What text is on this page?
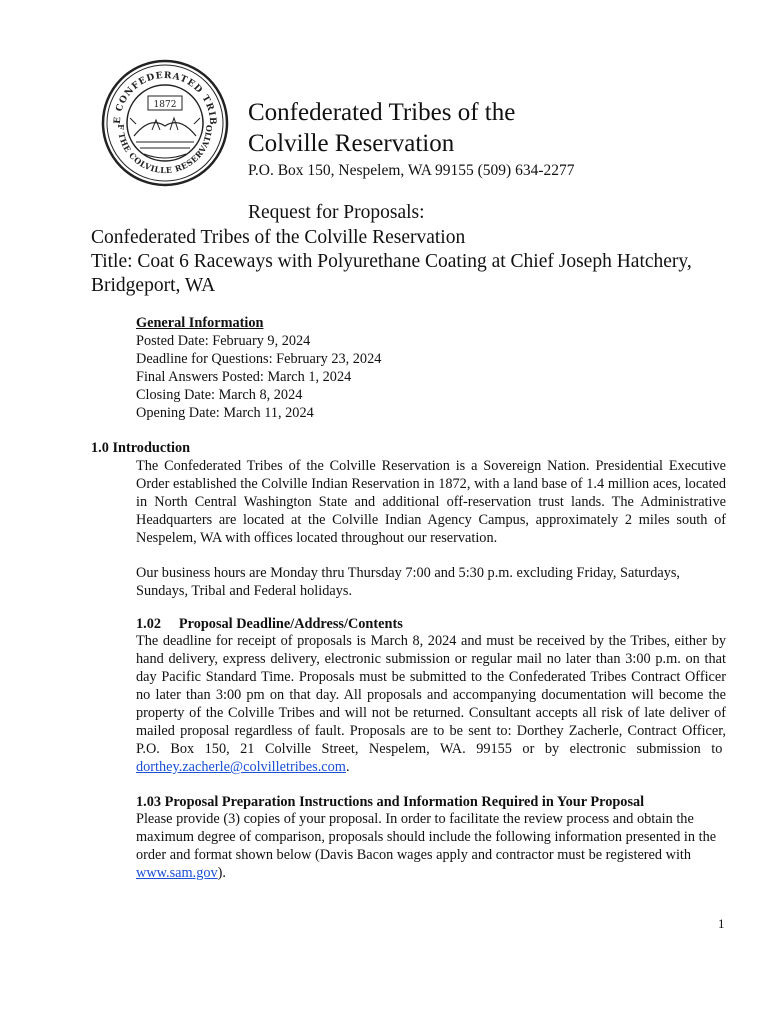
E CONFEDERATED TRIB
F THE COLVILLE RESERVATIO
1872	Confederated Tribes of the
Colville Reservation
P.O. Box 150, Nespelem, WA 99155 (509) 634-2277
Request for Proposals:
Confederated Tribes of the Colville Reservation
Title: Coat 6 Raceways with Polyurethane Coating at Chief Joseph Hatchery,
Bridgeport, WA
General Information
Posted Date: February 9, 2024
Deadline for Questions: February 23, 2024
Final Answers Posted: March 1, 2024
Closing Date: March 8, 2024
Opening Date: March 11, 2024
1.0 Introduction
The Confederated Tribes of the Colville Reservation is a Sovereign Nation. Presidential Executive Order established the Colville Indian Reservation in 1872, with a land base of 1.4 million aces, located in North Central Washington State and additional off-reservation trust lands. The Administrative Headquarters are located at the Colville Indian Agency Campus, approximately 2 miles south of Nespelem, WA with offices located throughout our reservation.
Our business hours are Monday thru Thursday 7:00 and 5:30 p.m. excluding Friday, Saturdays, Sundays, Tribal and Federal holidays.
1.02     Proposal Deadline/Address/Contents
The deadline for receipt of proposals is March 8, 2024 and must be received by the Tribes, either by hand delivery, express delivery, electronic submission or regular mail no later than 3:00 p.m. on that day Pacific Standard Time. Proposals must be submitted to the Confederated Tribes Contract Officer no later than 3:00 pm on that day. All proposals and accompanying documentation will become the property of the Colville Tribes and will not be returned. Consultant accepts all risk of late deliver of mailed proposal regardless of fault. Proposals are to be sent to: Dorthey Zacherle, Contract Officer, P.O. Box 150, 21 Colville Street, Nespelem, WA. 99155 or by electronic submission to  dorthey.zacherle@colvilletribes.com.
1.03 Proposal Preparation Instructions and Information Required in Your Proposal
Please provide (3) copies of your proposal. In order to facilitate the review process and obtain the maximum degree of comparison, proposals should include the following information presented in the order and format shown below (Davis Bacon wages apply and contractor must be registered with www.sam.gov).
1
